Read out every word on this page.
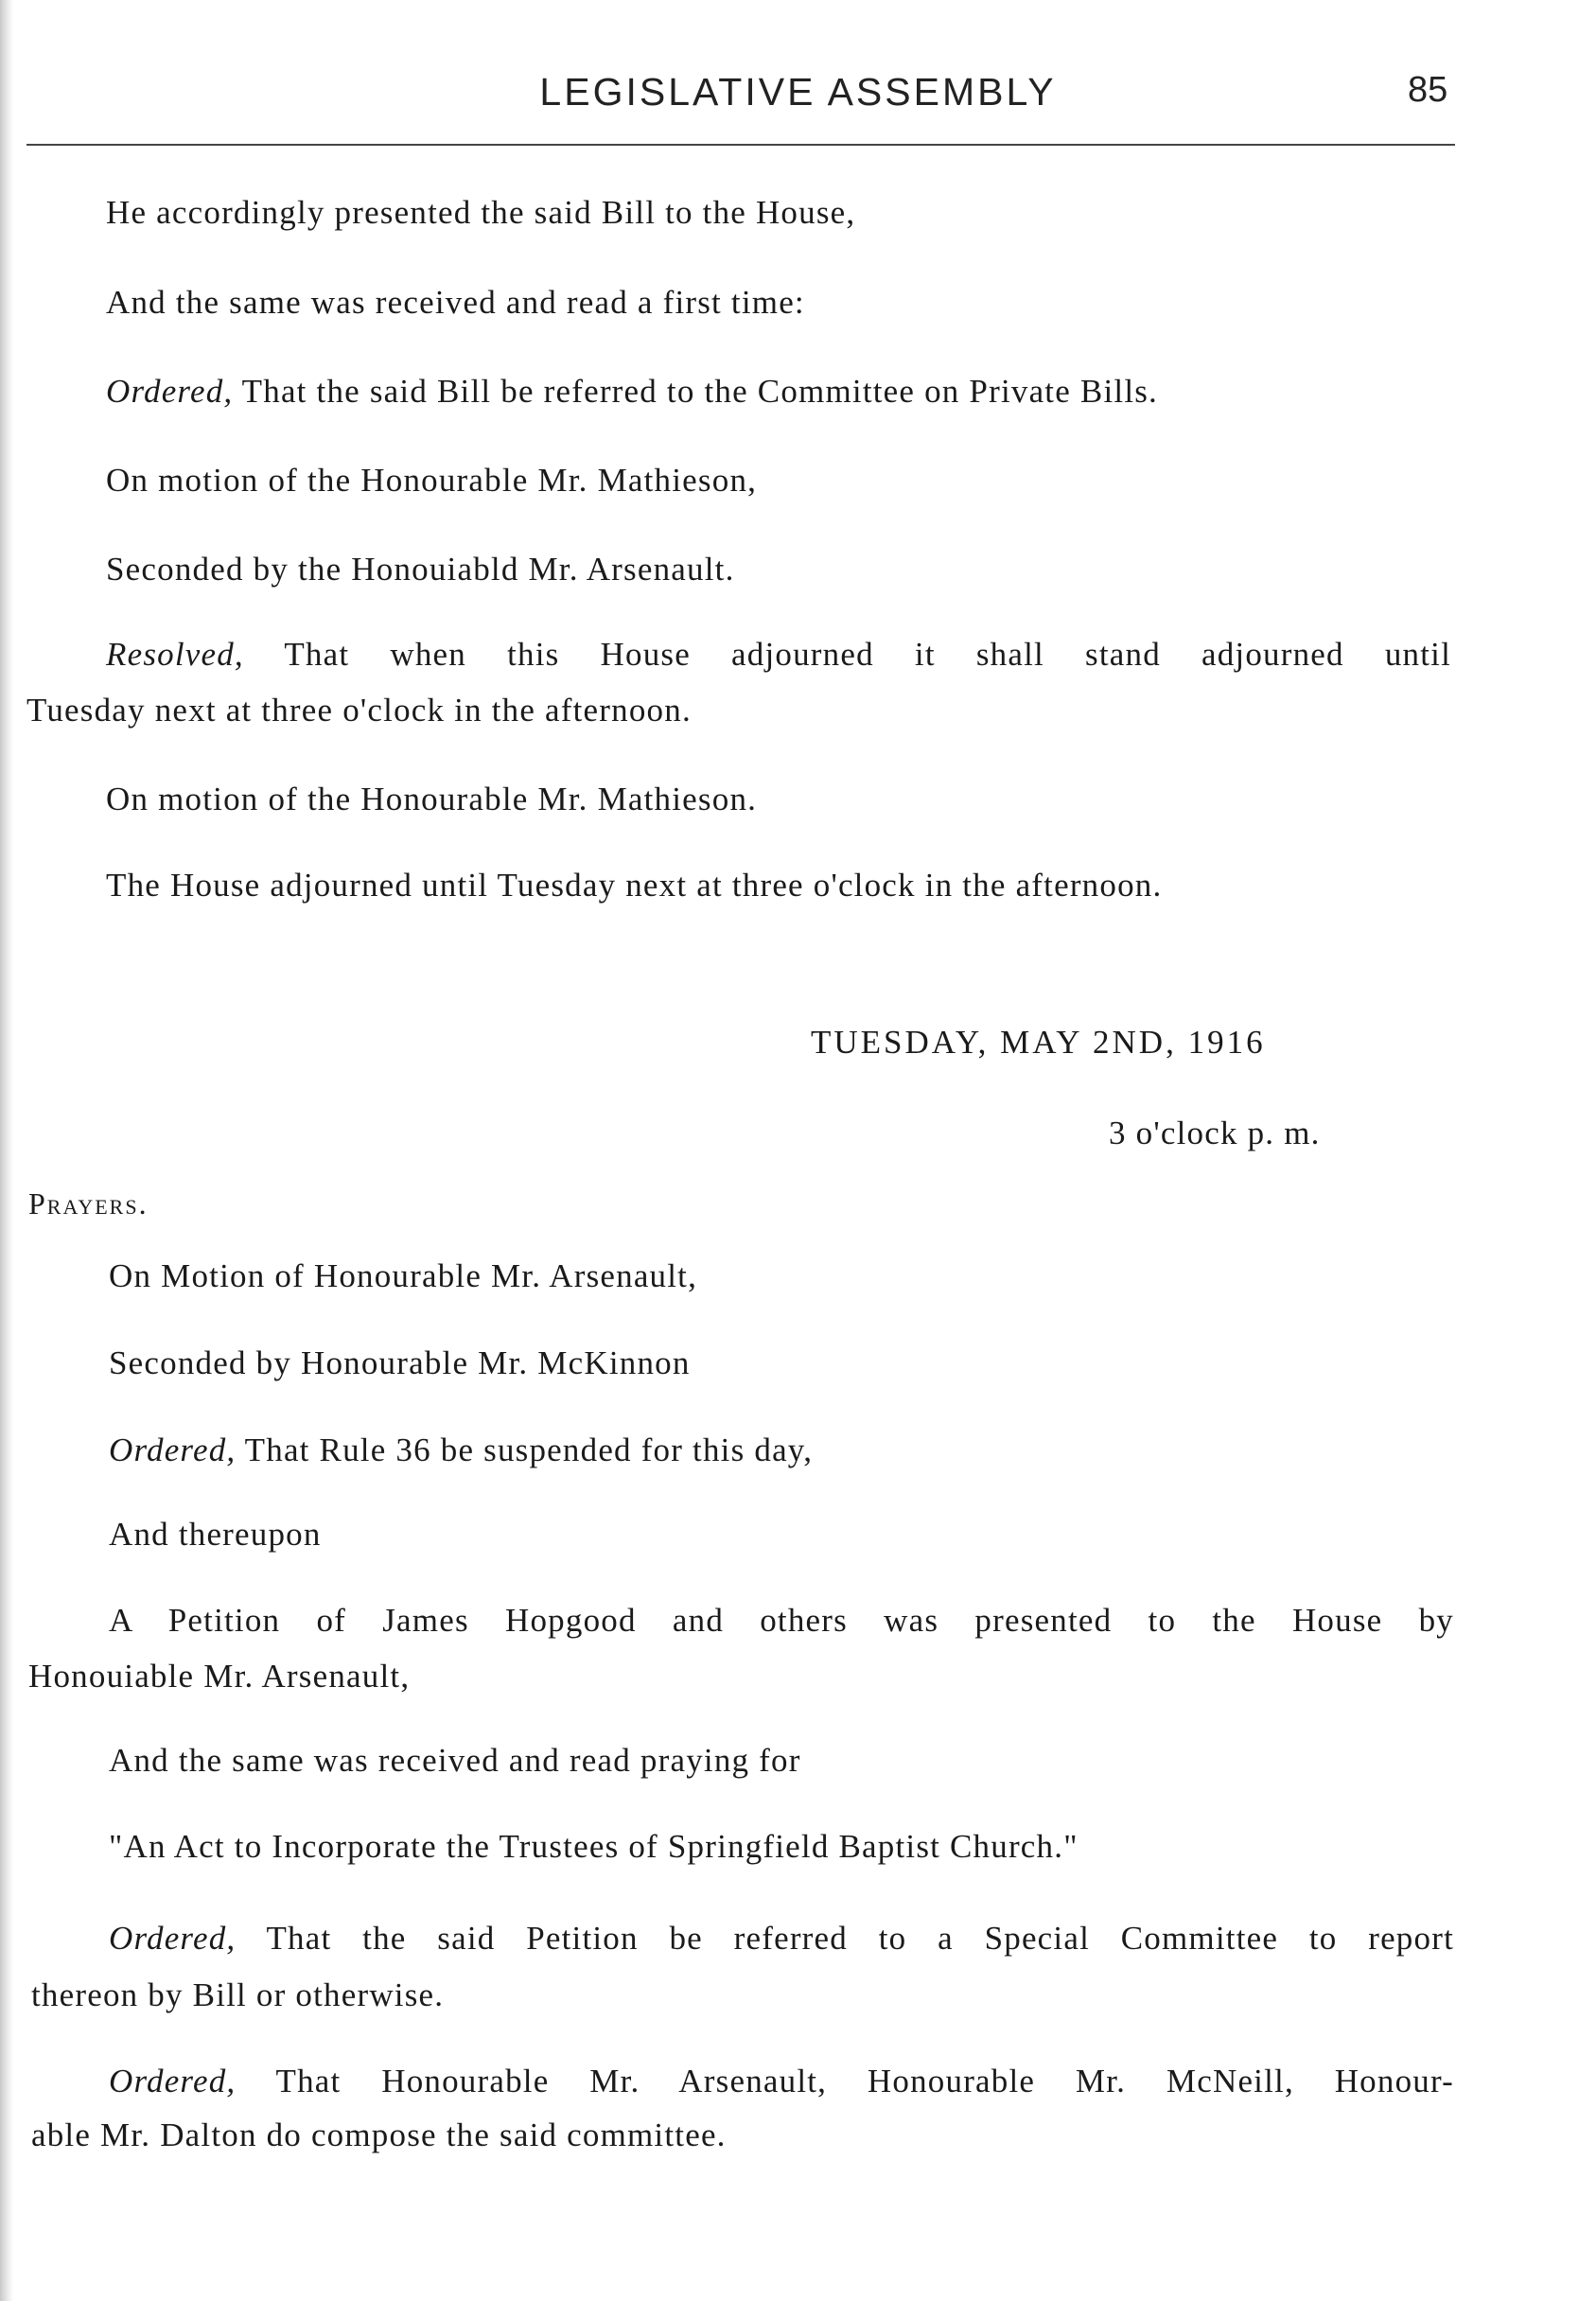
LEGISLATIVE ASSEMBLY	85
He accordingly presented the said Bill to the House,
And the same was received and read a first time:
Ordered, That the said Bill be referred to the Committee on Private Bills.
On motion of the Honourable Mr. Mathieson,
Seconded by the Honouiabld Mr. Arsenault.
Resolved, That when this House adjourned it shall stand adjourned until
Tuesday next at three o'clock in the afternoon.
On motion of the Honourable Mr. Mathieson.
The House adjourned until Tuesday next at three o'clock in the afternoon.
TUESDAY, MAY 2ND, 1916
3 o'clock p. m.
Prayers.
On Motion of Honourable Mr. Arsenault,
Seconded by Honourable Mr. McKinnon
Ordered, That Rule 36 be suspended for this day,
And thereupon
A Petition of James Hopgood and others was presented to the House by
Honouiable Mr. Arsenault,
And the same was received and read praying for
"An Act to Incorporate the Trustees of Springfield Baptist Church."
Ordered, That the said Petition be referred to a Special Committee to report
thereon by Bill or otherwise.
Ordered, That Honourable Mr. Arsenault, Honourable Mr. McNeill, Honour-
able Mr. Dalton do compose the said committee.
